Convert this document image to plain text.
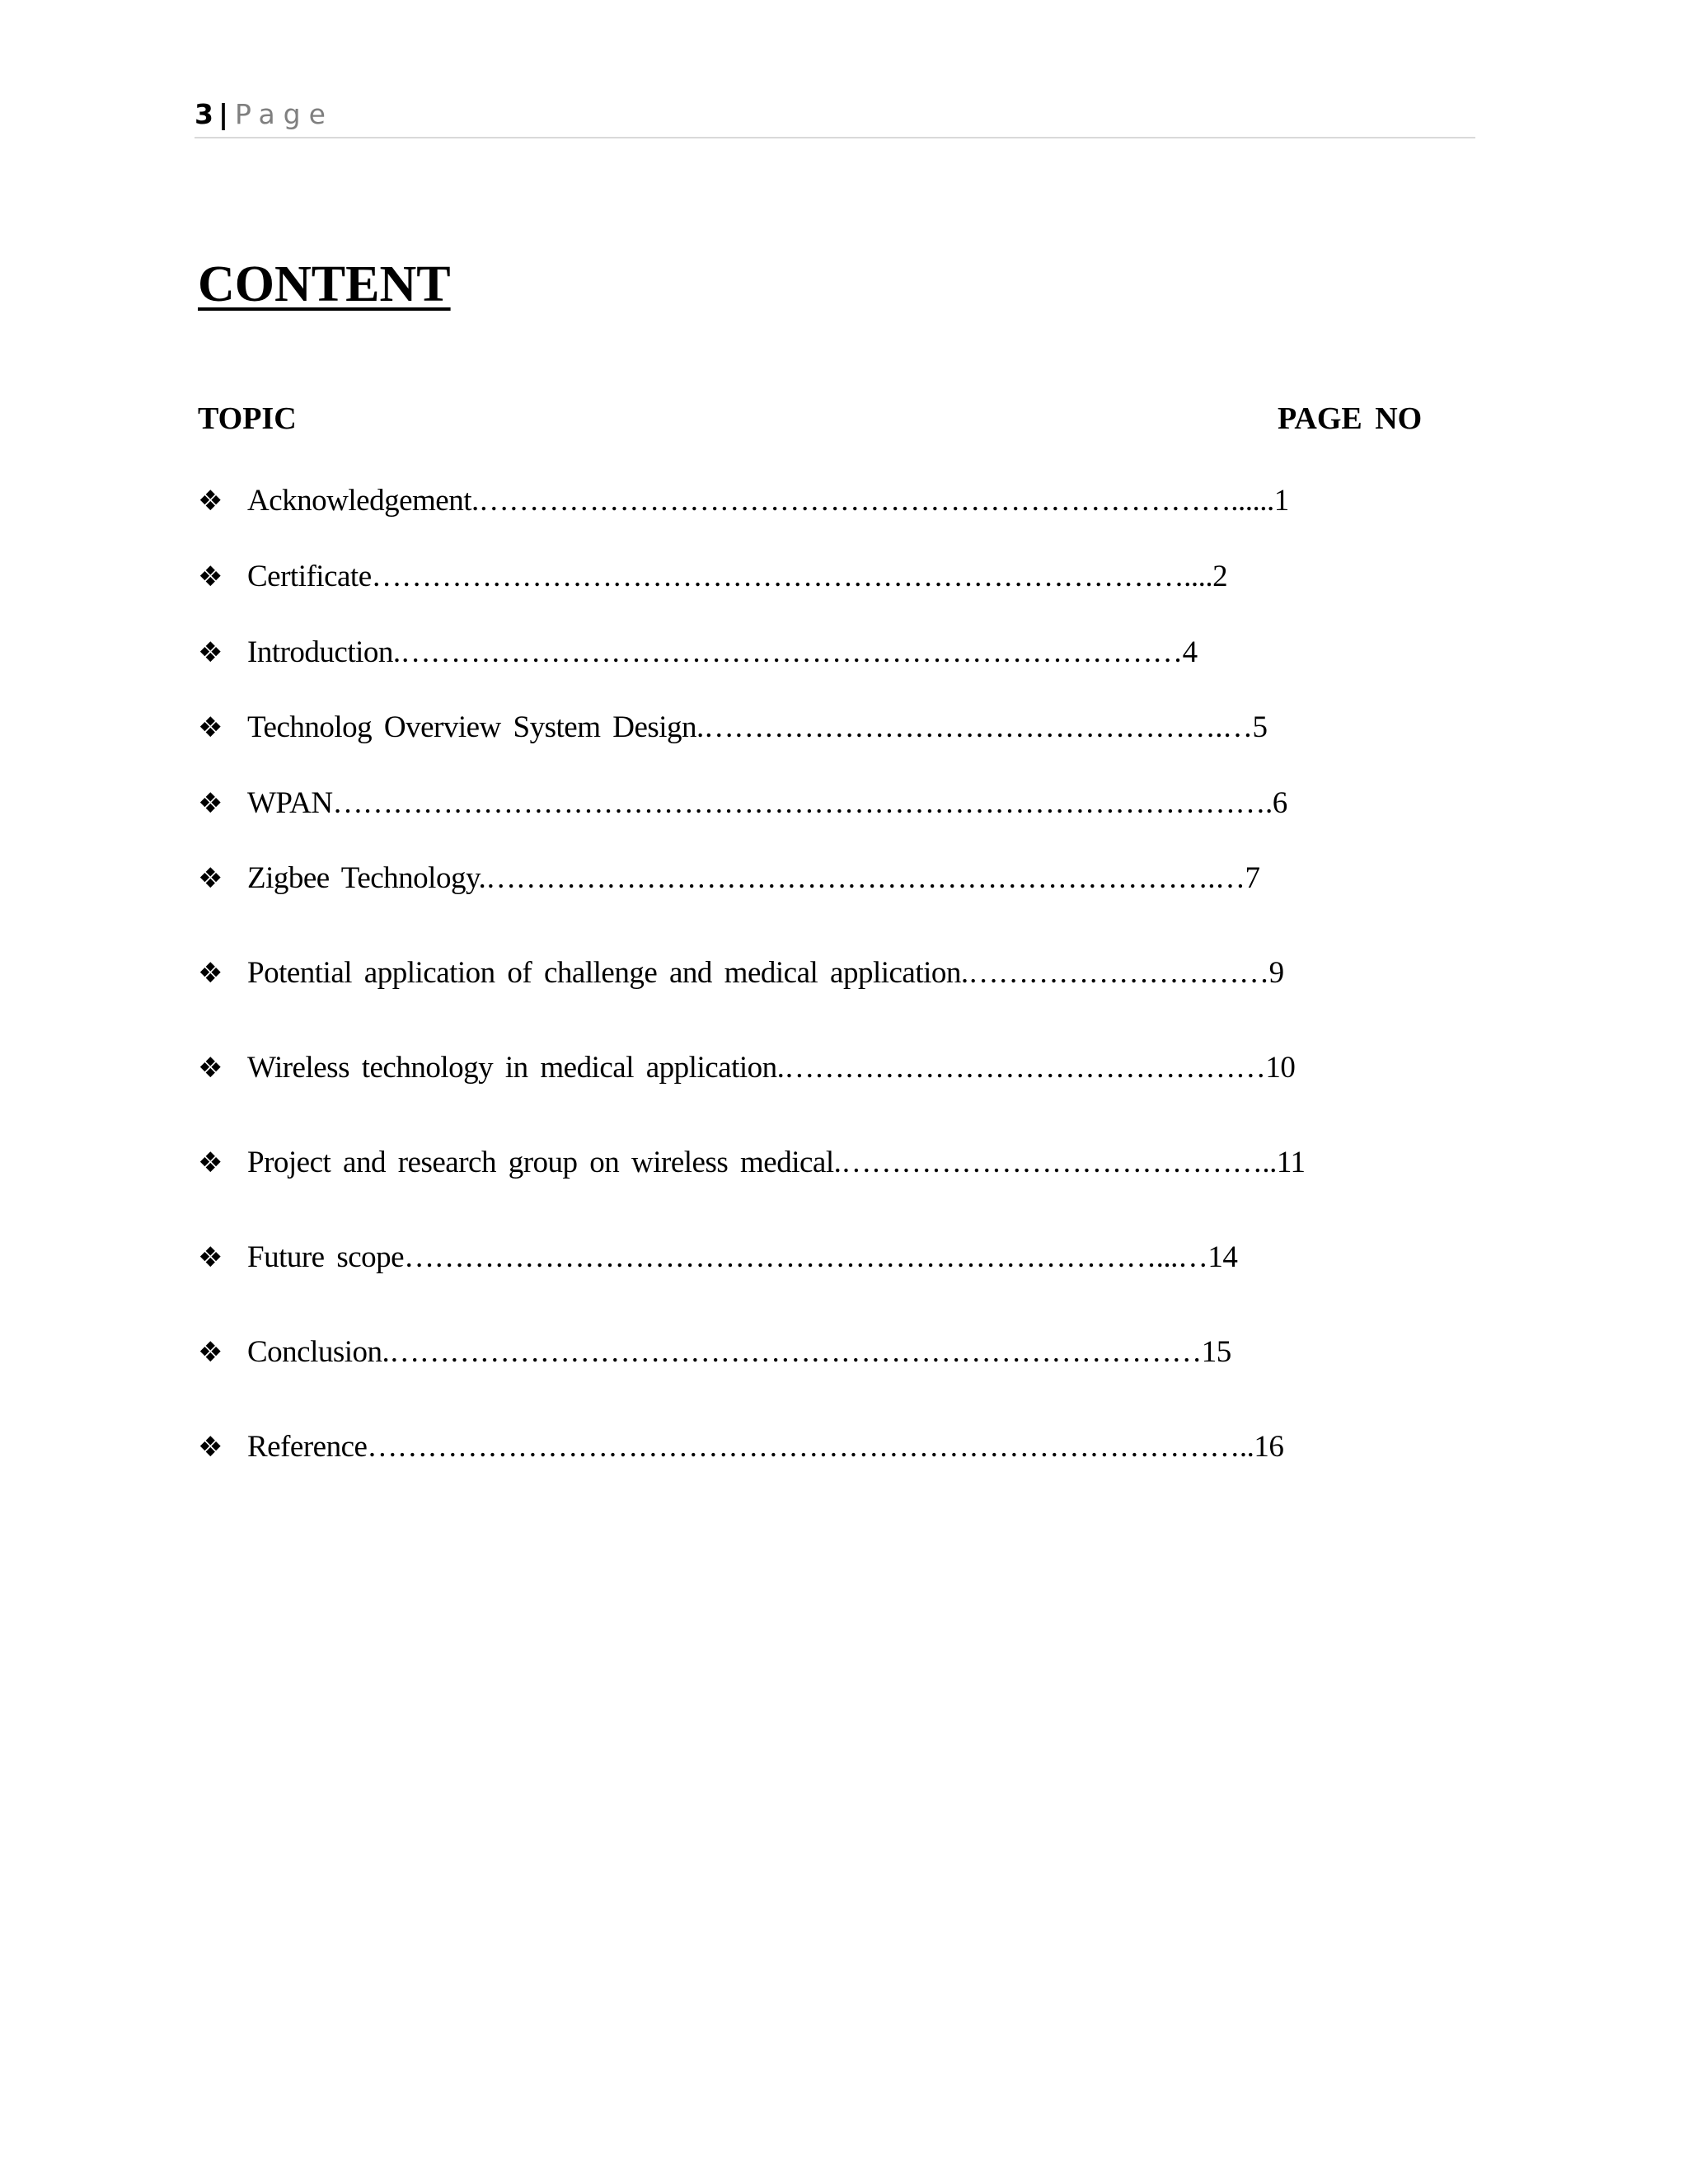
3 | Page
CONTENT
TOPIC	PAGE NO
❖ Acknowledgement.…………………………………………………………………......1
❖ Certificate………………………………………………………………………....2
❖ Introduction.……………………………………………………………………4
❖ Technolog Overview System Design.…………………………………………….…5
❖ WPAN………………………………………………………………………………….6
❖ Zigbee Technology.……………………………………………………………….…7
❖ Potential application of challenge and medical application.…………………………9
❖ Wireless technology in medical application.…………………………………………10
❖ Project and research group on wireless medical.……………………………………..11
❖ Future scope…………………………………………………………………...…14
❖ Conclusion.………………………………………………………………………15
❖ Reference……………………………………………………………………………..16
